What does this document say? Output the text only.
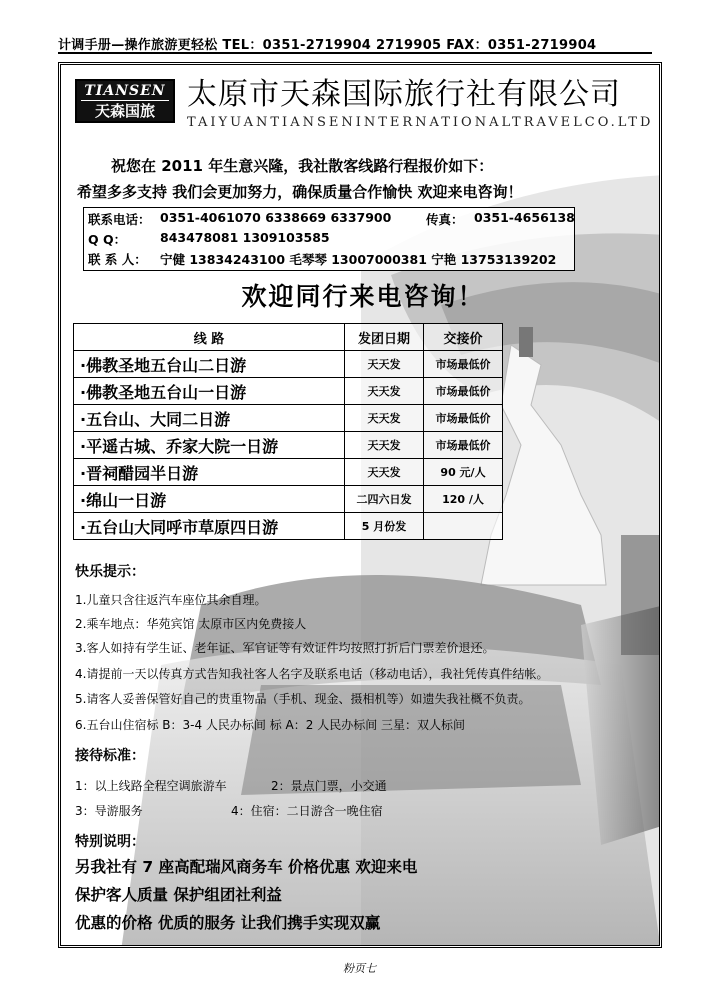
计调手册—操作旅游更轻松 TEL：0351-2719904 2719905 FAX：0351-2719904
TIANSEN
天森国旅	太原市天森国际旅行社有限公司
TAIYUANTIANSENINTERNATIONALTRAVELCO.LTD
祝您在 2011 年生意兴隆，我社散客线路行程报价如下：
希望多多支持 我们会更加努力，确保质量合作愉快 欢迎来电咨询！
联系电话： 0351-4061070 6338669 6337900	传真： 0351-4656138
Q Q：	843478081 1309103585
联 系 人： 宁健 13834243100 毛琴琴 13007000381 宁艳 13753139202
欢迎同行来电咨询！
线 路	发团日期	交接价
·佛教圣地五台山二日游	天天发	市场最低价
·佛教圣地五台山一日游	天天发	市场最低价
·五台山、大同二日游	天天发	市场最低价
·平遥古城、乔家大院一日游	天天发	市场最低价
·晋祠醋园半日游	天天发	90 元/人
·绵山一日游	二四六日发	120 /人
·五台山大同呼市草原四日游	5 月份发	
快乐提示：
1.儿童只含往返汽车座位其余自理。
2.乘车地点：华苑宾馆 太原市区内免费接人
3.客人如持有学生证、老年证、军官证等有效证件均按照打折后门票差价退还。
4.请提前一天以传真方式告知我社客人名字及联系电话（移动电话），我社凭传真件结帐。
5.请客人妥善保管好自己的贵重物品（手机、现金、摄相机等）如遗失我社概不负责。
6.五台山住宿标 B：3-4 人民办标间 标 A：2 人民办标间 三星：双人标间
接待标准：
1：以上线路全程空调旅游车	2：景点门票，小交通
3：导游服务	4：住宿：二日游含一晚住宿
特别说明：
另我社有 7 座高配瑞风商务车 价格优惠 欢迎来电
保护客人质量 保护组团社利益
优惠的价格 优质的服务 让我们携手实现双赢
粉页七
